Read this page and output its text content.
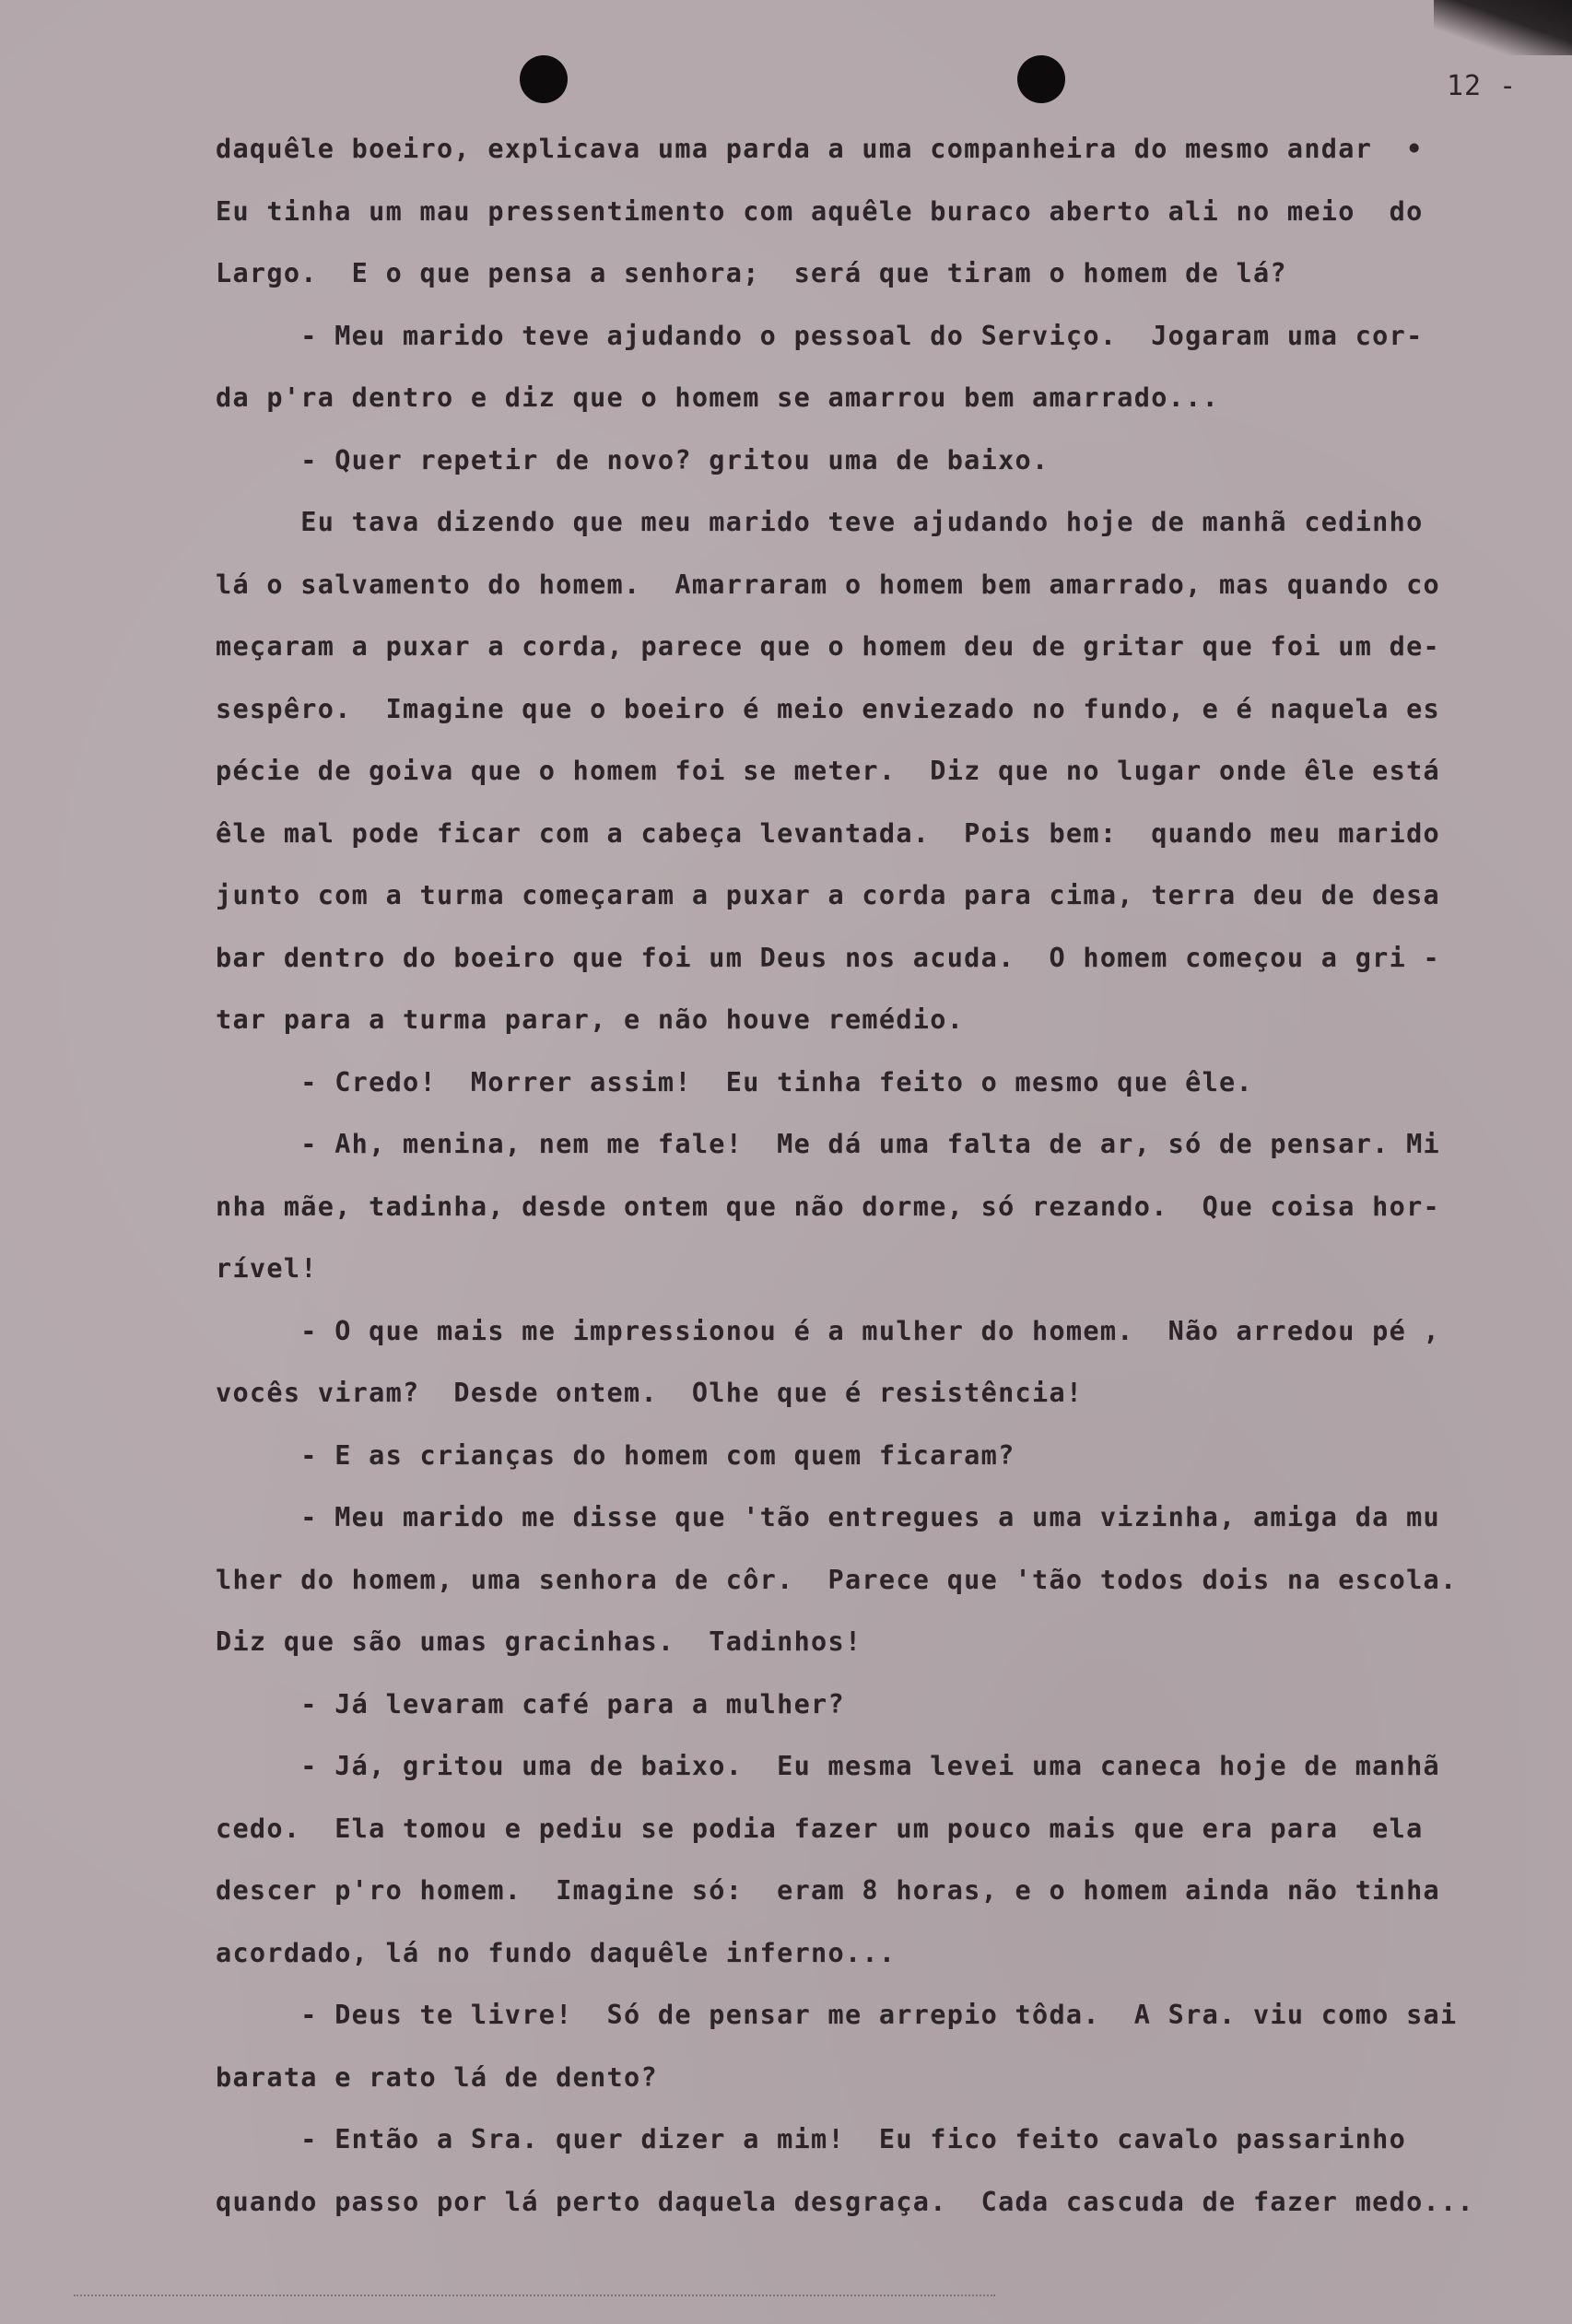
12 -
daquêle boeiro, explicava uma parda a uma companheira do mesmo andar  •
Eu tinha um mau pressentimento com aquêle buraco aberto ali no meio  do
Largo.  E o que pensa a senhora;  será que tiram o homem de lá?
- Meu marido teve ajudando o pessoal do Serviço.  Jogaram uma cor-
da p'ra dentro e diz que o homem se amarrou bem amarrado...
- Quer repetir de novo? gritou uma de baixo.
Eu tava dizendo que meu marido teve ajudando hoje de manhã cedinho
lá o salvamento do homem.  Amarraram o homem bem amarrado, mas quando co
meçaram a puxar a corda, parece que o homem deu de gritar que foi um de-
sespêro.  Imagine que o boeiro é meio enviezado no fundo, e é naquela es
pécie de goiva que o homem foi se meter.  Diz que no lugar onde êle está
êle mal pode ficar com a cabeça levantada.  Pois bem:  quando meu marido
junto com a turma começaram a puxar a corda para cima, terra deu de desa
bar dentro do boeiro que foi um Deus nos acuda.  O homem começou a gri -
tar para a turma parar, e não houve remédio.
- Credo!  Morrer assim!  Eu tinha feito o mesmo que êle.
- Ah, menina, nem me fale!  Me dá uma falta de ar, só de pensar. Mi
nha mãe, tadinha, desde ontem que não dorme, só rezando.  Que coisa hor-
rível!
- O que mais me impressionou é a mulher do homem.  Não arredou pé ,
vocês viram?  Desde ontem.  Olhe que é resistência!
- E as crianças do homem com quem ficaram?
- Meu marido me disse que 'tão entregues a uma vizinha, amiga da mu
lher do homem, uma senhora de côr.  Parece que 'tão todos dois na escola.
Diz que são umas gracinhas.  Tadinhos!
- Já levaram café para a mulher?
- Já, gritou uma de baixo.  Eu mesma levei uma caneca hoje de manhã
cedo.  Ela tomou e pediu se podia fazer um pouco mais que era para  ela
descer p'ro homem.  Imagine só:  eram 8 horas, e o homem ainda não tinha
acordado, lá no fundo daquêle inferno...
- Deus te livre!  Só de pensar me arrepio tôda.  A Sra. viu como sai
barata e rato lá de dento?
- Então a Sra. quer dizer a mim!  Eu fico feito cavalo passarinho
quando passo por lá perto daquela desgraça.  Cada cascuda de fazer medo...
